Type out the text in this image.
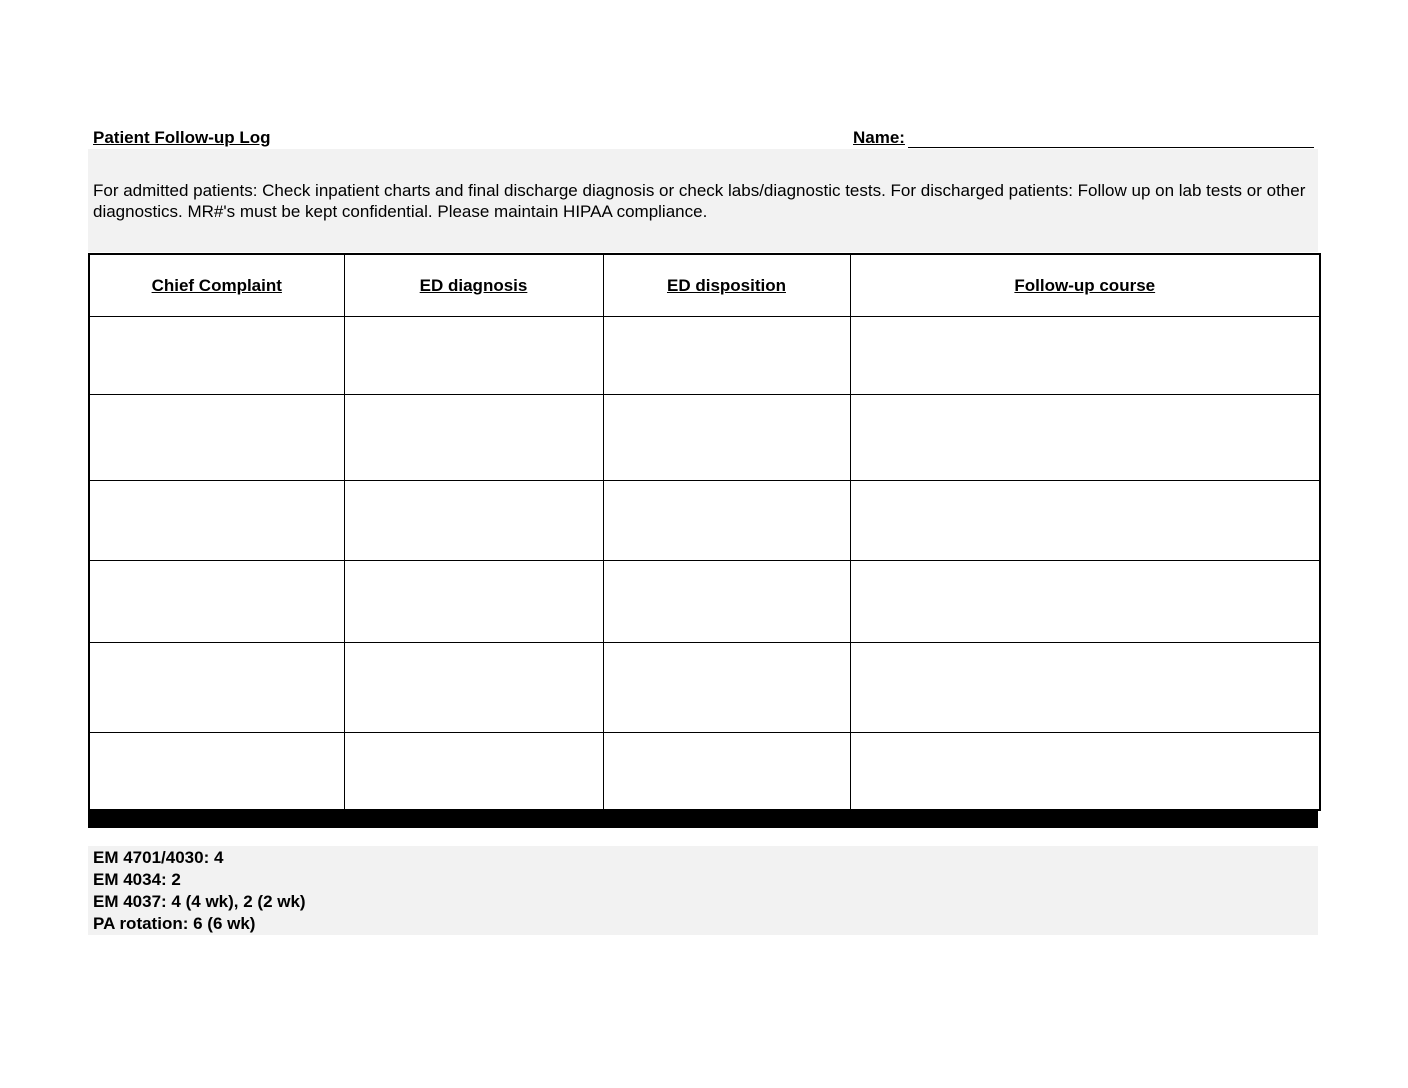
Patient Follow-up Log	Name:
For admitted patients: Check inpatient charts and final discharge diagnosis or check labs/diagnostic tests. For discharged patients: Follow up on lab tests or other diagnostics. MR#'s must be kept confidential. Please maintain HIPAA compliance.
Chief Complaint	ED diagnosis	ED disposition	Follow-up course

EM 4701/4030: 4
EM 4034: 2
EM 4037: 4 (4 wk), 2 (2 wk)
PA rotation: 6 (6 wk)
